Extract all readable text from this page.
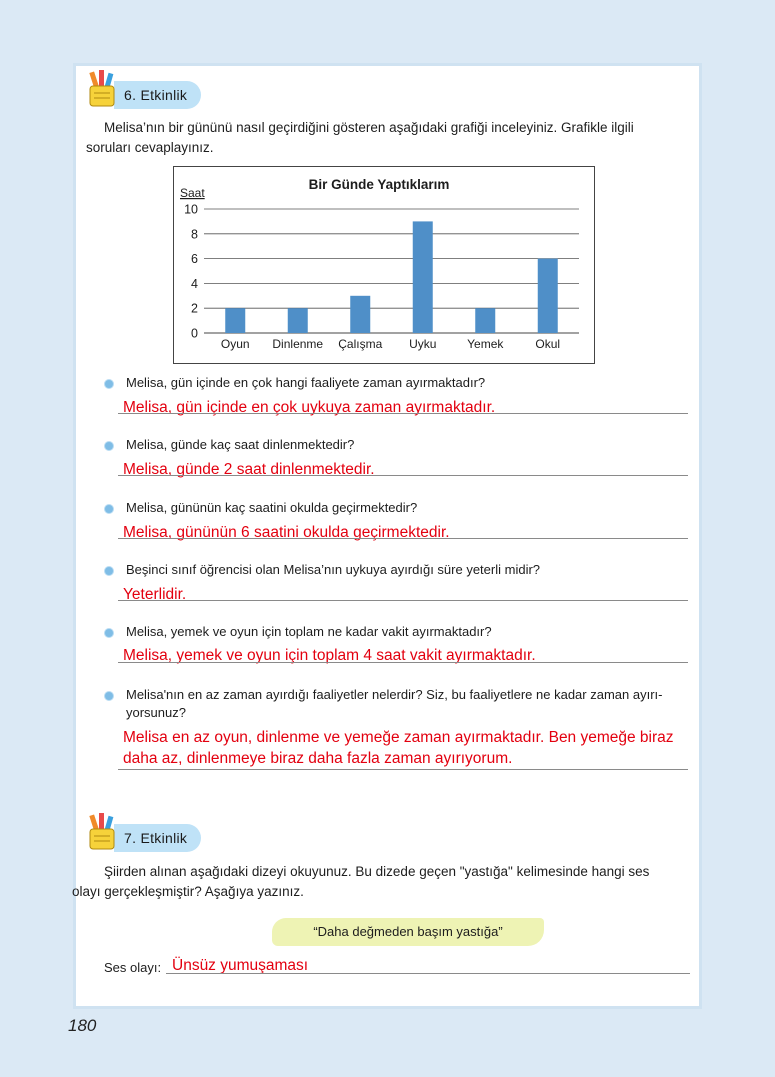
6. Etkinlik
Melisa’nın bir gününü nasıl geçirdiğini gösteren aşağıdaki grafiği inceleyiniz. Grafikle ilgili
soruları cevaplayınız.
Bir Günde Yaptıklarım
Saat
0
2
4
6
8
10
Oyun Dinlenme Çalışma Uyku	Yemek	Okul
Melisa, gün içinde en çok hangi faaliyete zaman ayırmaktadır?
Melisa, gün içinde en çok uykuya zaman ayırmaktadır.
Melisa, günde kaç saat dinlenmektedir?
Melisa, günde 2 saat dinlenmektedir.
Melisa, gününün kaç saatini okulda geçirmektedir?
Melisa, gününün 6 saatini okulda geçirmektedir.
Beşinci sınıf öğrencisi olan Melisa’nın uykuya ayırdığı süre yeterli midir?
Yeterlidir.
Melisa, yemek ve oyun için toplam ne kadar vakit ayırmaktadır?
Melisa, yemek ve oyun için toplam 4 saat vakit ayırmaktadır.
Melisa'nın en az zaman ayırdığı faaliyetler nelerdir? Siz, bu faaliyetlere ne kadar zaman ayırı-
yorsunuz?
Melisa en az oyun, dinlenme ve yemeğe zaman ayırmaktadır. Ben yemeğe biraz
daha az, dinlenmeye biraz daha fazla zaman ayırıyorum.
7. Etkinlik
Şiirden alınan aşağıdaki dizeyi okuyunuz. Bu dizede geçen "yastığa" kelimesinde hangi ses
olayı gerçekleşmiştir? Aşağıya yazınız.
“Daha değmeden başım yastığa”
Ses olayı: Ünsüz yumuşaması
180
